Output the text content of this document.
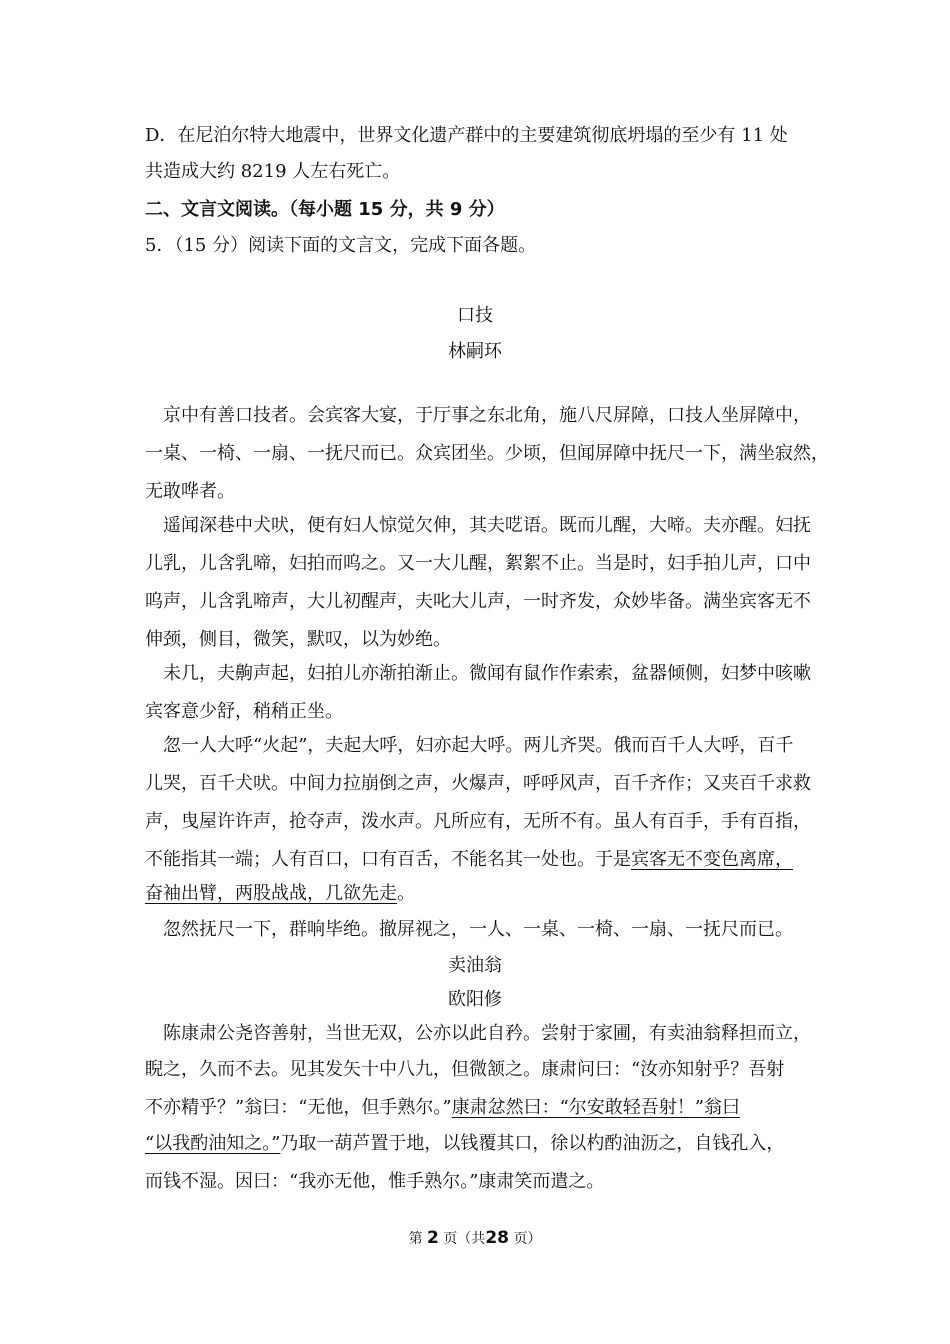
D．在尼泊尔特大地震中，世界文化遗产群中的主要建筑彻底坍塌的至少有 11 处
共造成大约 8219 人左右死亡。
二、文言文阅读。（每小题 15 分，共 9 分）
5．（15 分）阅读下面的文言文，完成下面各题。
口技
林嗣环
　京中有善口技者。会宾客大宴，于厅事之东北角，施八尺屏障，口技人坐屏障中，
一桌、一椅、一扇、一抚尺而已。众宾团坐。少顷，但闻屏障中抚尺一下，满坐寂然，
无敢哗者。
　遥闻深巷中犬吠，便有妇人惊觉欠伸，其夫呓语。既而儿醒，大啼。夫亦醒。妇抚
儿乳，儿含乳啼，妇拍而呜之。又一大儿醒，絮絮不止。当是时，妇手拍儿声，口中
呜声，儿含乳啼声，大儿初醒声，夫叱大儿声，一时齐发，众妙毕备。满坐宾客无不
伸颈，侧目，微笑，默叹，以为妙绝。
　未几，夫齁声起，妇拍儿亦渐拍渐止。微闻有鼠作作索索，盆器倾侧，妇梦中咳嗽
宾客意少舒，稍稍正坐。
　忽一人大呼“火起”，夫起大呼，妇亦起大呼。两儿齐哭。俄而百千人大呼，百千
儿哭，百千犬吠。中间力拉崩倒之声，火爆声，呼呼风声，百千齐作；又夹百千求救
声，曳屋许许声，抢夺声，泼水声。凡所应有，无所不有。虽人有百手，手有百指，
不能指其一端；人有百口，口有百舌，不能名其一处也。于是宾客无不变色离席，
奋袖出臂，两股战战，几欲先走。
　忽然抚尺一下，群响毕绝。撤屏视之，一人、一桌、一椅、一扇、一抚尺而已。
卖油翁
欧阳修
　陈康肃公尧咨善射，当世无双，公亦以此自矜。尝射于家圃，有卖油翁释担而立，
睨之，久而不去。见其发矢十中八九，但微颔之。康肃问曰：“汝亦知射乎？吾射
不亦精乎？”翁曰：“无他，但手熟尔。”康肃忿然曰：“尔安敢轻吾射！”翁曰
“以我酌油知之。”乃取一葫芦置于地，以钱覆其口，徐以杓酌油沥之，自钱孔入，
而钱不湿。因曰：“我亦无他，惟手熟尔。”康肃笑而遣之。
第 2 页（共28 页）
